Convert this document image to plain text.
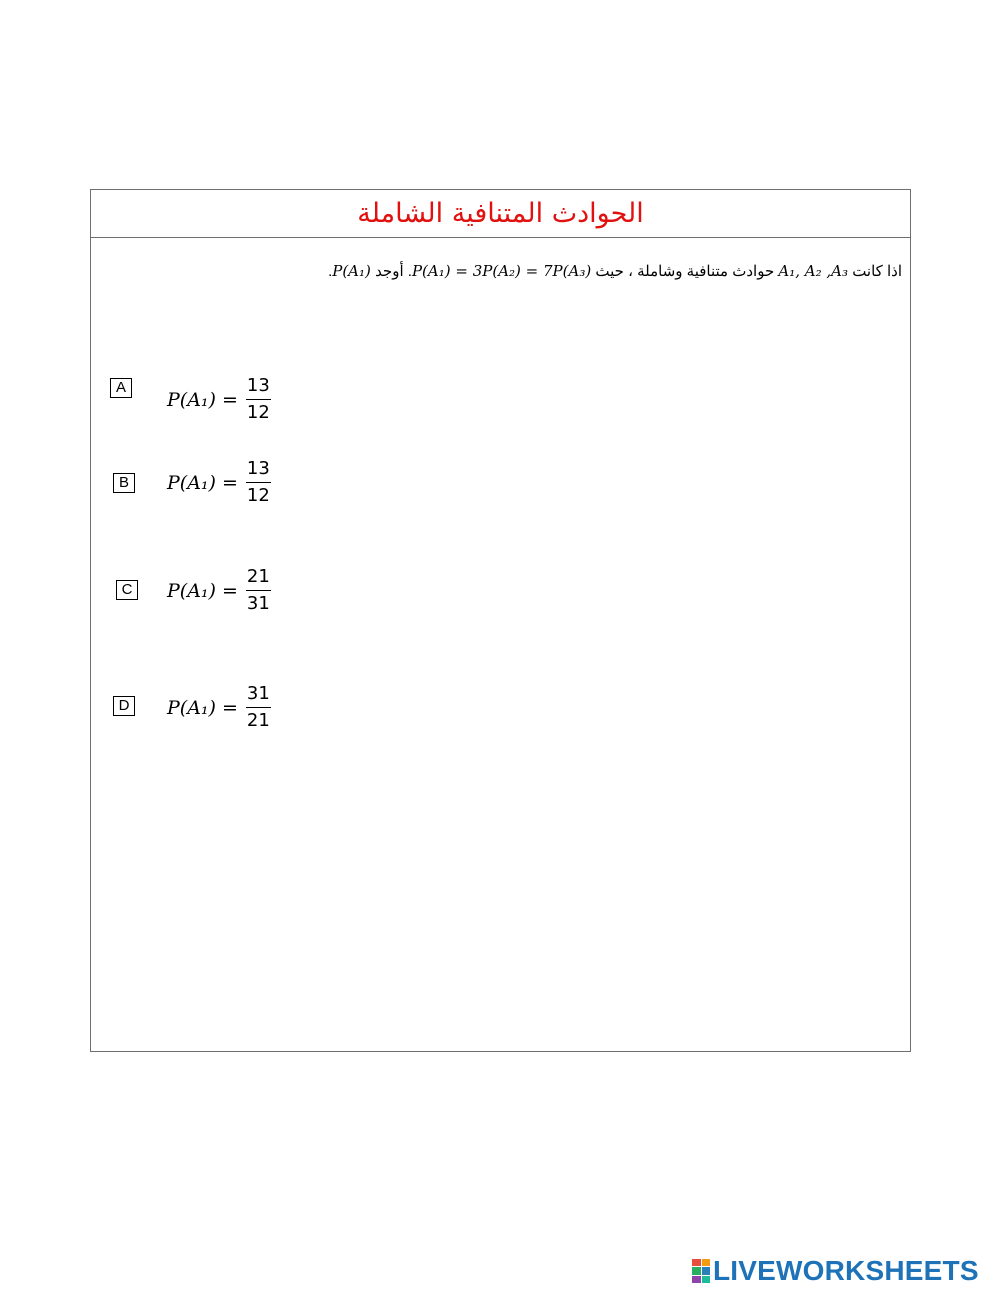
الحوادث المتنافية الشاملة
اذا كانت A₁, A₂ ,A₃ حوادث متنافية وشاملة ، حيث P(A₁) = 3P(A₂) = 7P(A₃). أوجد P(A₁).
A
$P(A_1) = \frac{13}{12}$
B	$P(A_1) = \frac{13}{12}$
C $P(A_1) = \frac{21}{31}$
D $P(A_1) = \frac{31}{21}$
LIVEWORKSHEETS
